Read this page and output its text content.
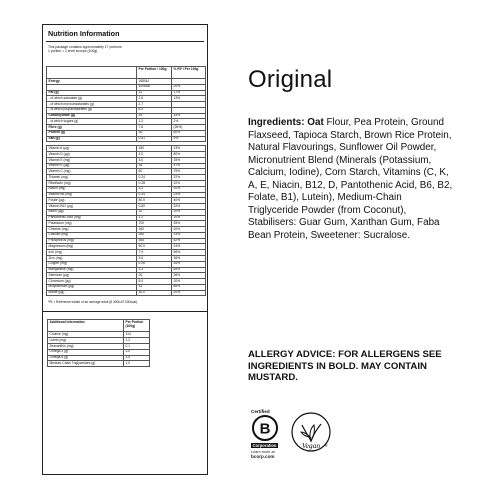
Nutrition Information
This package contains approximately 17 portions.
1 portion = 2 level scoops (100g).
	Per Portion / 100g	% RI* / Per 100g
Energy	1680kJ	
	400kcal	20%
Fat (g)	12	17%
- of which saturates (g)	2.5	13%
- of which monounsaturates (g)	2.7	
- of which polyunsaturates (g)	6.4	
Carbohydrate (g)	39	15%
- of which sugars (g)	1.2	1%
Fibre (g)	7.8	(26%)
Protein (g)	30	60%
Salt (g)	0.51	9%

Vitamin A (µg)	180	23%
Vitamin D (µg)	4.0	80%
Vitamin E (mg)	3.0	25%
Vitamin K (µg)	35	47%
Vitamin C (mg)	60	75%
Thiamin (mg)	0.24	22%
Riboflavin (mg)	0.28	20%
Niacin (mg)	3.2	20%
Vitamin B6 (mg)	0.34	24%
Folate (µg)	80.0	40%
Vitamin B12 (µg)	0.80	32%
Biotin (µg)	10	20%
Pantothenic Acid (mg)	1.2	20%
Potassium (mg)	700	35%
Chloride (mg)	160	20%
Calcium (mg)	260	33%
Phosphorus (mg)	364	52%
Magnesium (mg)	90.0	24%
Iron (mg)	7.9	56%
Zinc (mg)	3.6	36%
Copper (mg)	0.26	26%
Manganese (mg)	1.3	65%
Selenium (µg)	20	36%
Chromium (µg)	8.0	20%
Molybdenum (µg)	33	66%
Iodine (µg)	30.0	20%
*RI = Reference intake of an average adult (8 400kJ/2 000kcal).
Additional Information	Per Portion (100g)
Choline (mg)	114
Lutein (mg)	1.2
Zeaxanthin (mg)	0.1
Omega-3 (g)	3.0
Omega-6 (g)	3.5
Medium-Chain Triglycerides (g)	1.0
Original
Ingredients: Oat Flour, Pea Protein, Ground Flaxseed, Tapioca Starch, Brown Rice Protein, Natural Flavourings, Sunflower Oil Powder, Micronutrient Blend (Minerals (Potassium, Calcium, Iodine), Corn Starch, Vitamins (C, K, A, E, Niacin, B12, D, Pantothenic Acid, B6, B2, Folate, B1), Lutein), Medium-Chain Triglyceride Powder (from Coconut), Stabilisers: Guar Gum, Xanthan Gum, Faba Bean Protein, Sweetener: Sucralose.
ALLERGY ADVICE: FOR ALLERGENS SEE INGREDIENTS IN BOLD. MAY CONTAIN MUSTARD.
Certified
B
Corporation
Learn more at
bcorp.com
Vegan ®
